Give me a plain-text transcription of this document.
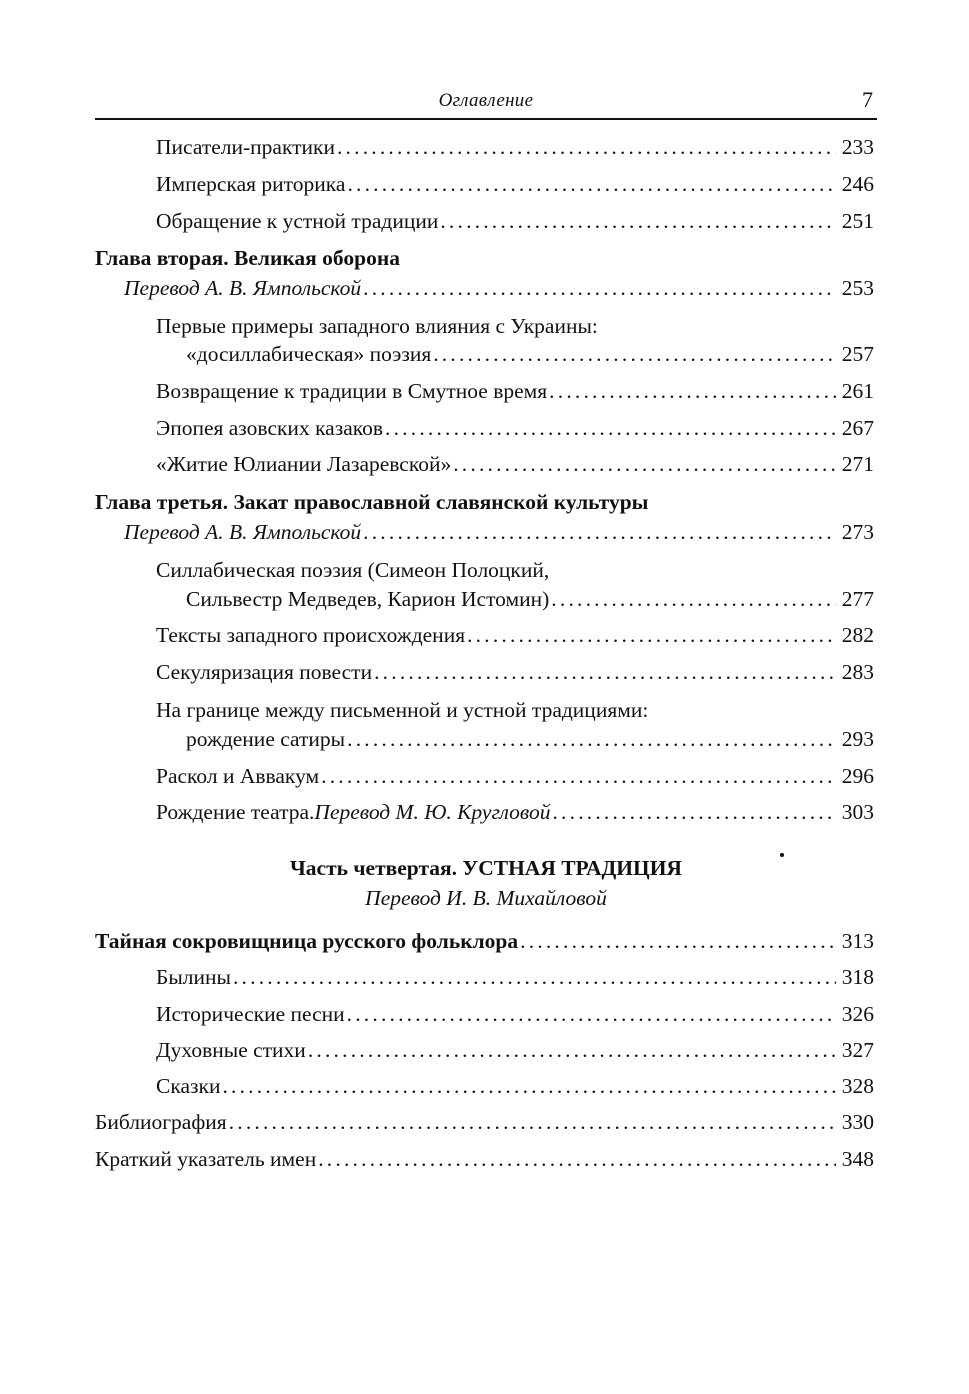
Оглавление	7
Писатели-практики .....	233
Имперская риторика .....	246
Обращение к устной традиции .....	251
Глава вторая. Великая оборона
Перевод А. В. Ямпольской .....	253
Первые примеры западного влияния с Украины:
«досиллабическая» поэзия .....	257
Возвращение к традиции в Смутное время .....	261
Эпопея азовских казаков .....	267
«Житие Юлиании Лазаревской» .....	271
Глава третья. Закат православной славянской культуры
Перевод А. В. Ямпольской .....	273
Силлабическая поэзия (Симеон Полоцкий,
Сильвестр Медведев, Карион Истомин) .....	277
Тексты западного происхождения .....	282
Секуляризация повести .....	283
На границе между письменной и устной традициями:
рождение сатиры .....	293
Раскол и Аввакум .....	296
Рождение театра. Перевод М. Ю. Кругловой .....	303
Часть четвертая. УСТНАЯ ТРАДИЦИЯ
Перевод И. В. Михайловой
Тайная сокровищница русского фольклора .....	313
Былины .....	318
Исторические песни .....	326
Духовные стихи .....	327
Сказки .....	328
Библиография .....	330
Краткий указатель имен .....	348
